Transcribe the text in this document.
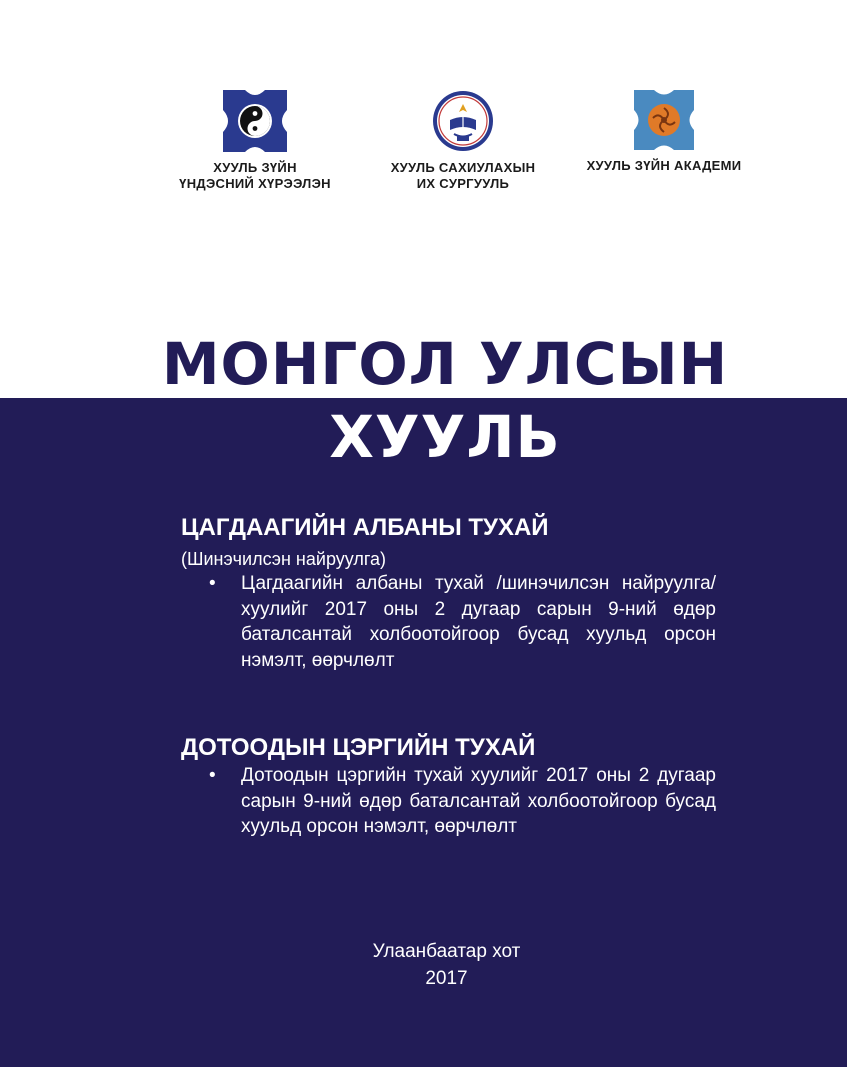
ХУУЛЬ ЗҮЙН
ҮНДЭСНИЙ ХҮРЭЭЛЭН
ХУУЛЬ САХИУЛАХЫН
ИХ СУРГУУЛЬ
ХУУЛЬ ЗҮЙН АКАДЕМИ
МОНГОЛ УЛСЫН
ХУУЛЬ
ЦАГДААГИЙН АЛБАНЫ ТУХАЙ
(Шинэчилсэн найруулга)
• Цагдаагийн албаны тухай /шинэчилсэн найруулга/ хуулийг 2017 оны 2 дугаар сарын 9-ний өдөр баталсантай холбоотойгоор бусад хуульд орсон нэмэлт, өөрчлөлт
ДОТООДЫН ЦЭРГИЙН ТУХАЙ
• Дотоодын цэргийн тухай хуулийг 2017 оны 2 дугаар сарын 9-ний өдөр баталсантай холбоотойгоор бусад хуульд орсон нэмэлт, өөрчлөлт
Улаанбаатар хот
2017
